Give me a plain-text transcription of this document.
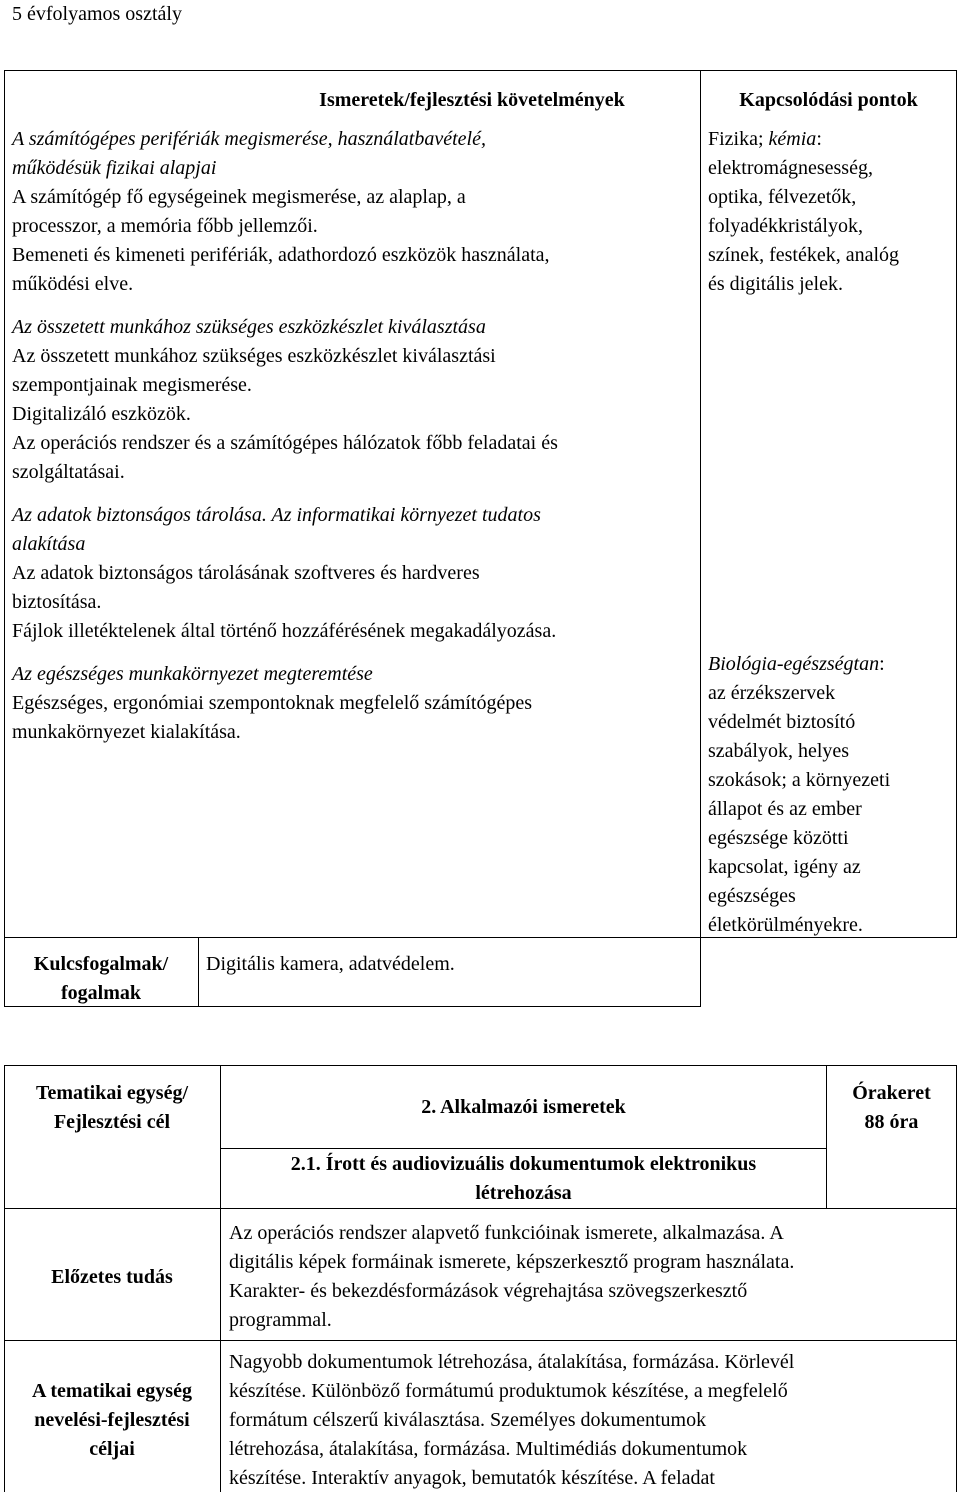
5 évfolyamos osztály
Ismeretek/fejlesztési követelmények	Kapcsolódási pontok

A számítógépes perifériák megismerése, használatbavételé,

működésük fizikai alapjai

A számítógép fő egységeinek megismerése, az alaplap, a

processzor, a memória főbb jellemzői.

Bemeneti és kimeneti perifériák, adathordozó eszközök használata,

működési elve.

Az összetett munkához szükséges eszközkészlet kiválasztása

Az összetett munkához szükséges eszközkészlet kiválasztási

szempontjainak megismerése.

Digitalizáló eszközök.

Az operációs rendszer és a számítógépes hálózatok főbb feladatai és

szolgáltatásai.

Az adatok biztonságos tárolása. Az informatikai környezet tudatos

alakítása

Az adatok biztonságos tárolásának szoftveres és hardveres

biztosítása.

Fájlok illetéktelenek által történő hozzáférésének megakadályozása.

Az egészséges munkakörnyezet megteremtése

Egészséges, ergonómiai szempontoknak megfelelő számítógépes

munkakörnyezet kialakítása.

Fizika; kémia:

elektromágnesesség,

optika, félvezetők,

folyadékkristályok,

színek, festékek, analóg

és digitális jelek.

Biológia-egészségtan:

az érzékszervek

védelmét biztosító

szabályok, helyes

szokások; a környezeti

állapot és az ember

egészsége közötti

kapcsolat, igény az

egészséges

életkörülményekre.

Kulcsfogalmak/

fogalmak

Digitális kamera, adatvédelem.

Tematikai egység/

Fejlesztési cél

2. Alkalmazói ismeretek

Órakeret

88 óra

2.1. Írott és audiovizuális dokumentumok elektronikus

létrehozása

Előzetes tudás

Az operációs rendszer alapvető funkcióinak ismerete, alkalmazása. A

digitális képek formáinak ismerete, képszerkesztő program használata.

Karakter- és bekezdésformázások végrehajtása szövegszerkesztő

programmal.

A tematikai egység

nevelési-fejlesztési

céljai

Nagyobb dokumentumok létrehozása, átalakítása, formázása. Körlevél

készítése. Különböző formátumú produktumok készítése, a megfelelő

formátum célszerű kiválasztása. Személyes dokumentumok

létrehozása, átalakítása, formázása. Multimédiás dokumentumok

készítése. Interaktív anyagok, bemutatók készítése. A feladat
